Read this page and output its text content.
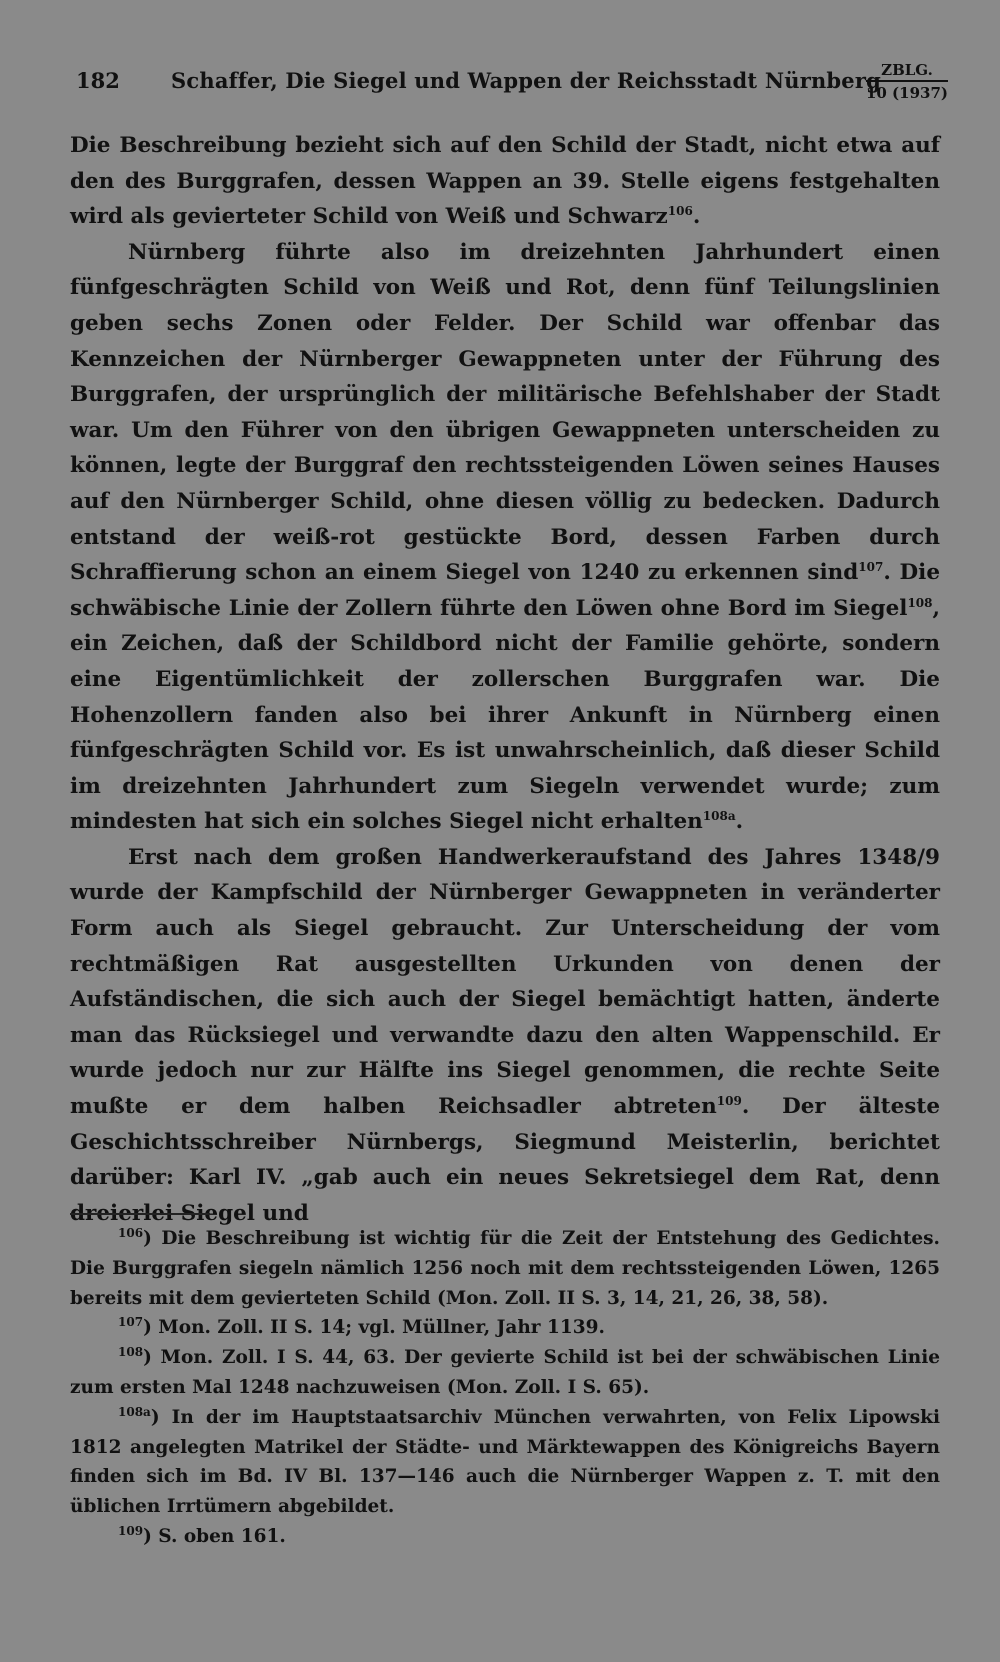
182 Schaffer, Die Siegel und Wappen der Reichsstadt Nürnberg ZBLG.
10 (1937)

Die Beschreibung bezieht sich auf den Schild der Stadt, nicht etwa auf den des Burggrafen, dessen Wappen an 39. Stelle eigens festgehalten wird als gevierteter Schild von Weiß und Schwarz$^{106}$.

Nürnberg führte also im dreizehnten Jahrhundert einen fünfgeschrägten Schild von Weiß und Rot, denn fünf Teilungslinien geben sechs Zonen oder Felder. Der Schild war offenbar das Kennzeichen der Nürnberger Gewappneten unter der Führung des Burggrafen, der ursprünglich der militärische Befehlshaber der Stadt war. Um den Führer von den übrigen Gewappneten unterscheiden zu können, legte der Burggraf den rechtssteigenden Löwen seines Hauses auf den Nürnberger Schild, ohne diesen völlig zu bedecken. Dadurch entstand der weiß-rot gestückte Bord, dessen Farben durch Schraffierung schon an einem Siegel von 1240 zu erkennen sind$^{107}$. Die schwäbische Linie der Zollern führte den Löwen ohne Bord im Siegel$^{108}$, ein Zeichen, daß der Schildbord nicht der Familie gehörte, sondern eine Eigentümlichkeit der zollerschen Burggrafen war. Die Hohenzollern fanden also bei ihrer Ankunft in Nürnberg einen fünfgeschrägten Schild vor. Es ist unwahrscheinlich, daß dieser Schild im dreizehnten Jahrhundert zum Siegeln verwendet wurde; zum mindesten hat sich ein solches Siegel nicht erhalten$^{108a}$.

Erst nach dem großen Handwerkeraufstand des Jahres 1348/9 wurde der Kampfschild der Nürnberger Gewappneten in veränderter Form auch als Siegel gebraucht. Zur Unterscheidung der vom rechtmäßigen Rat ausgestellten Urkunden von denen der Aufständischen, die sich auch der Siegel bemächtigt hatten, änderte man das Rücksiegel und verwandte dazu den alten Wappenschild. Er wurde jedoch nur zur Hälfte ins Siegel genommen, die rechte Seite mußte er dem halben Reichsadler abtreten$^{109}$. Der älteste Geschichtsschreiber Nürnbergs, Siegmund Meisterlin, berichtet darüber: Karl IV. „gab auch ein neues Sekretsiegel dem Rat, denn dreierlei Siegel und

$^{106}$) Die Beschreibung ist wichtig für die Zeit der Entstehung des Gedichtes. Die Burggrafen siegeln nämlich 1256 noch mit dem rechtssteigenden Löwen, 1265 bereits mit dem gevierteten Schild (Mon. Zoll. II S. 3, 14, 21, 26, 38, 58).

$^{107}$) Mon. Zoll. II S. 14; vgl. Müllner, Jahr 1139.

$^{108}$) Mon. Zoll. I S. 44, 63. Der gevierte Schild ist bei der schwäbischen Linie zum ersten Mal 1248 nachzuweisen (Mon. Zoll. I S. 65).

$^{108a}$) In der im Hauptstaatsarchiv München verwahrten, von Felix Lipowski 1812 angelegten Matrikel der Städte- und Märktewappen des Königreichs Bayern finden sich im Bd. IV Bl. 137—146 auch die Nürnberger Wappen z. T. mit den üblichen Irrtümern abgebildet.

$^{109}$) S. oben 161.
